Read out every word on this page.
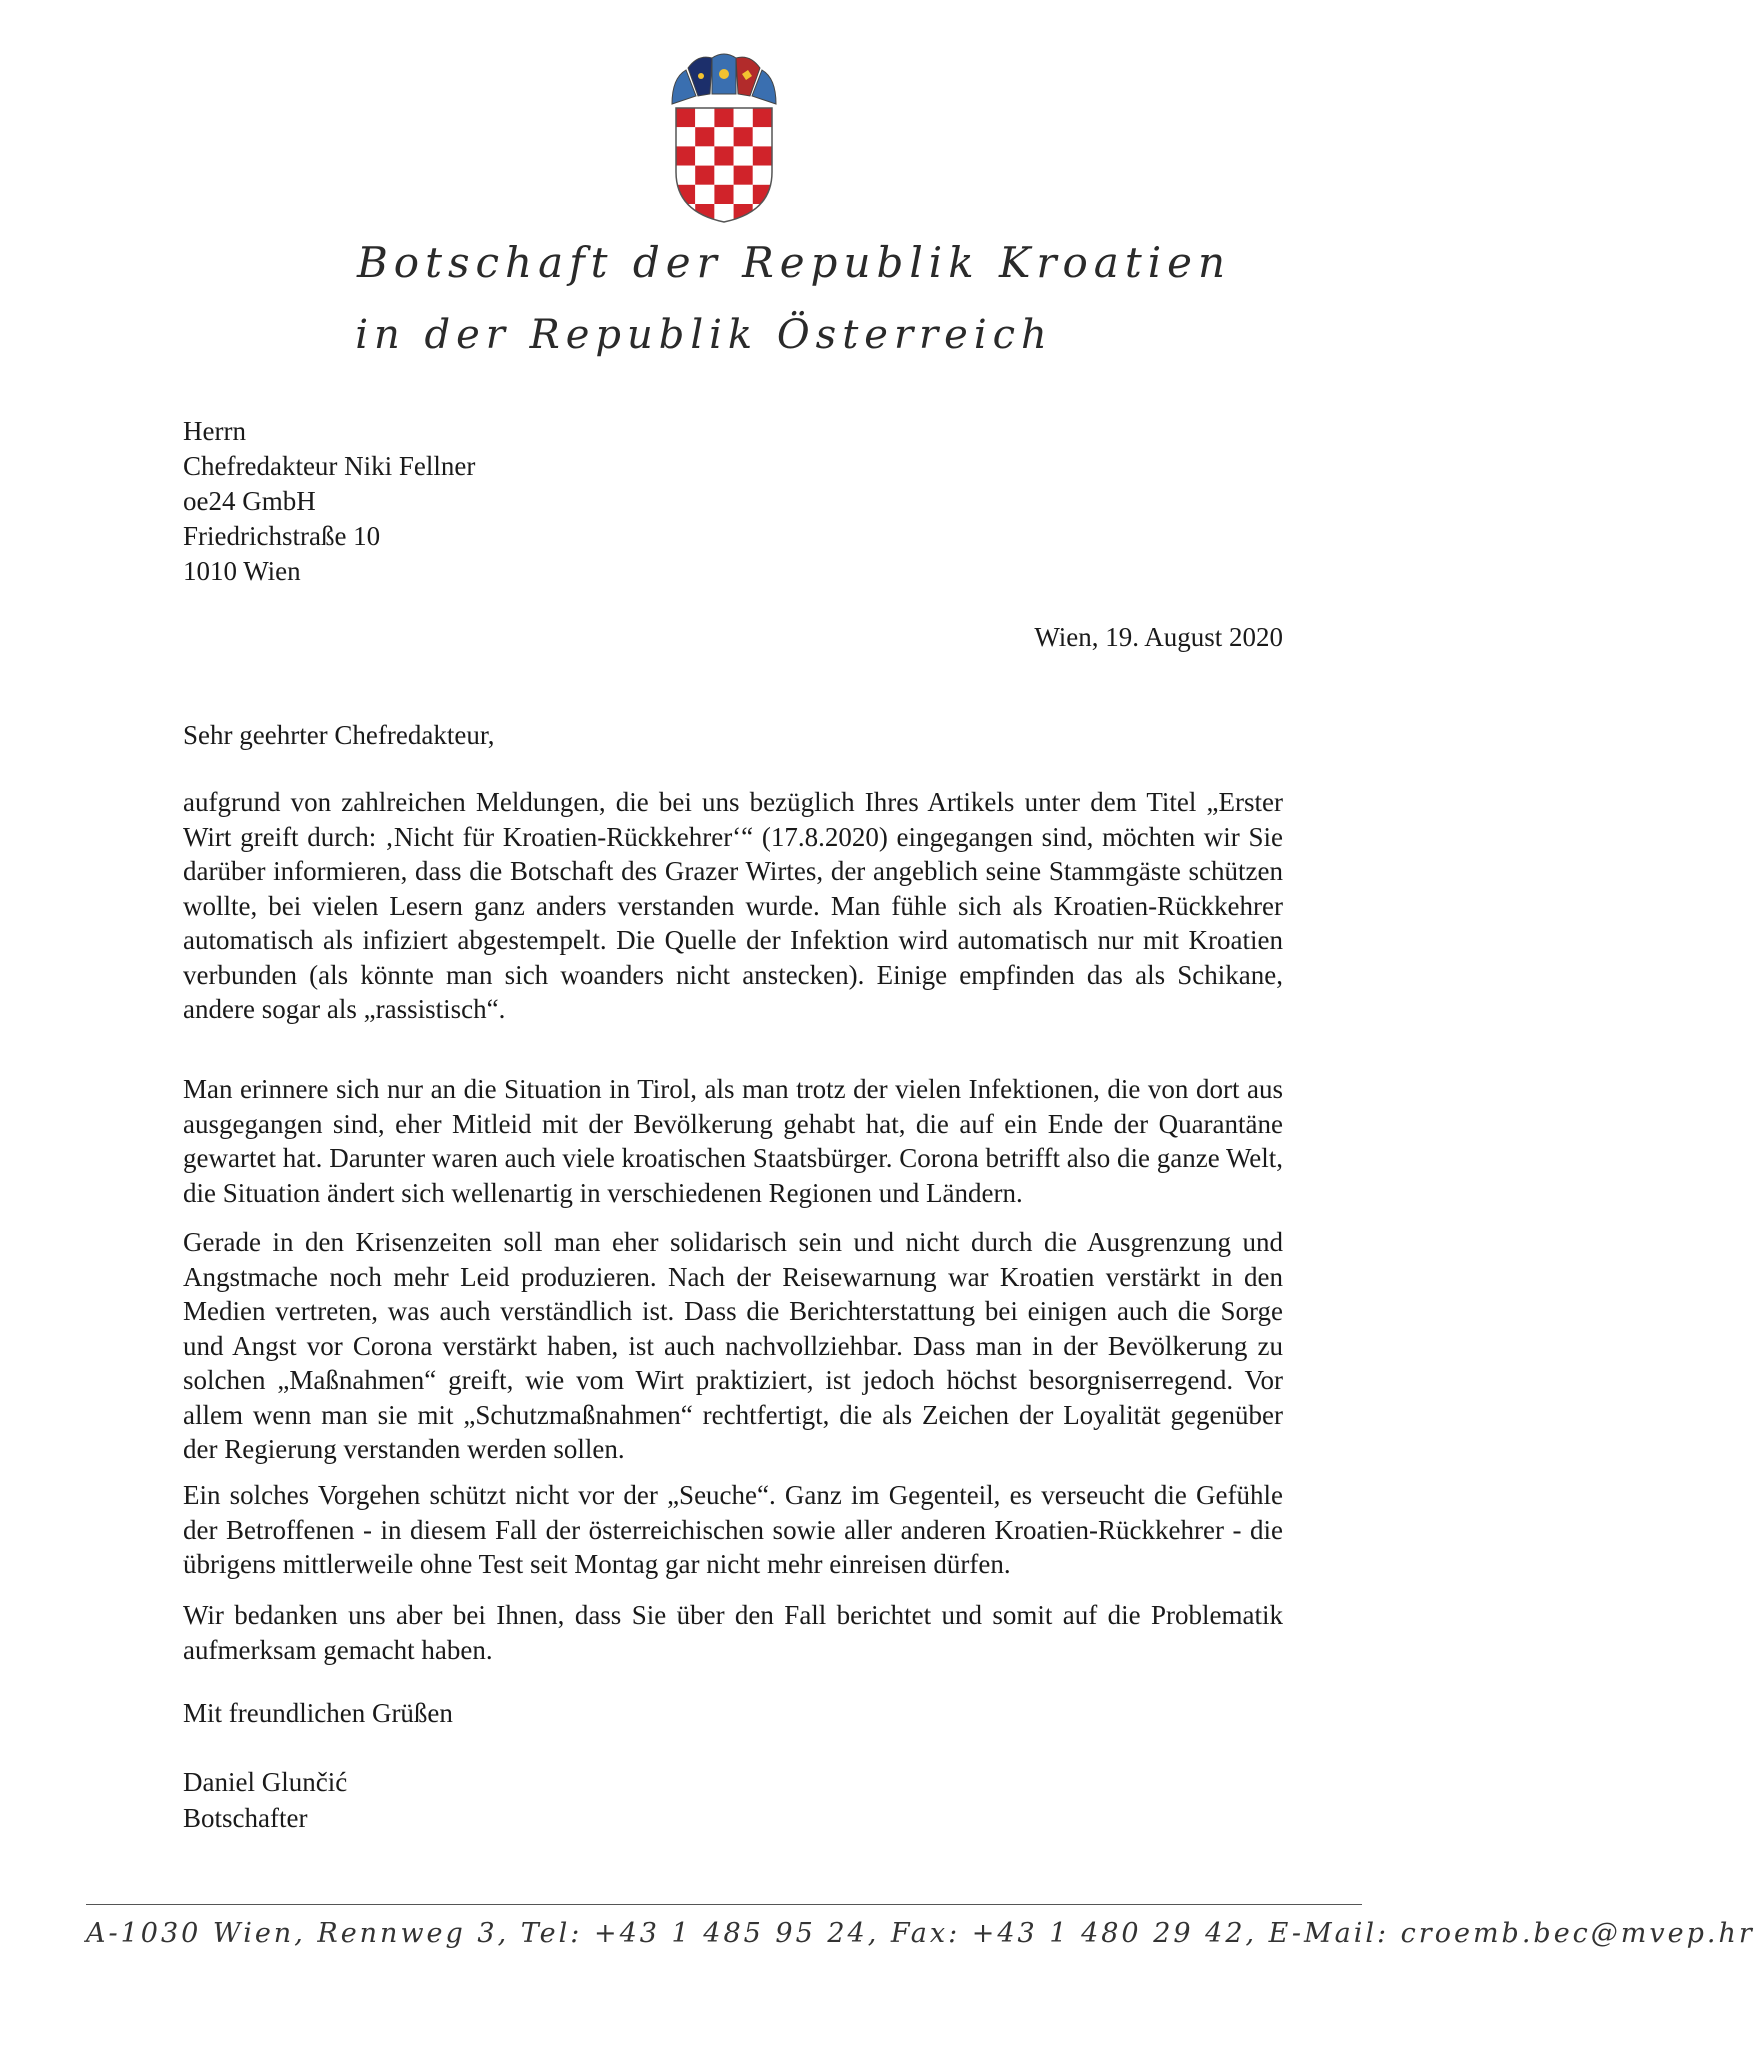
Botschaft der Republik Kroatien
in der Republik Österreich
Herrn
Chefredakteur Niki Fellner
oe24 GmbH
Friedrichstraße 10
1010 Wien
Wien, 19. August 2020
Sehr geehrter Chefredakteur,
aufgrund von zahlreichen Meldungen, die bei uns bezüglich Ihres Artikels unter dem Titel „Erster Wirt greift durch: ‚Nicht für Kroatien-Rückkehrer‘“ (17.8.2020) eingegangen sind, möchten wir Sie darüber informieren, dass die Botschaft des Grazer Wirtes, der angeblich seine Stammgäste schützen wollte, bei vielen Lesern ganz anders verstanden wurde. Man fühle sich als Kroatien-Rückkehrer automatisch als infiziert abgestempelt. Die Quelle der Infektion wird automatisch nur mit Kroatien verbunden (als könnte man sich woanders nicht anstecken). Einige empfinden das als Schikane, andere sogar als „rassistisch“.
Man erinnere sich nur an die Situation in Tirol, als man trotz der vielen Infektionen, die von dort aus ausgegangen sind, eher Mitleid mit der Bevölkerung gehabt hat, die auf ein Ende der Quarantäne gewartet hat. Darunter waren auch viele kroatischen Staatsbürger. Corona betrifft also die ganze Welt, die Situation ändert sich wellenartig in verschiedenen Regionen und Ländern.
Gerade in den Krisenzeiten soll man eher solidarisch sein und nicht durch die Ausgrenzung und Angstmache noch mehr Leid produzieren. Nach der Reisewarnung war Kroatien verstärkt in den Medien vertreten, was auch verständlich ist. Dass die Berichterstattung bei einigen auch die Sorge und Angst vor Corona verstärkt haben, ist auch nachvollziehbar. Dass man in der Bevölkerung zu solchen „Maßnahmen“ greift, wie vom Wirt praktiziert, ist jedoch höchst besorgniserregend. Vor allem wenn man sie mit „Schutzmaßnahmen“ rechtfertigt, die als Zeichen der Loyalität gegenüber der Regierung verstanden werden sollen.
Ein solches Vorgehen schützt nicht vor der „Seuche“. Ganz im Gegenteil, es verseucht die Gefühle der Betroffenen - in diesem Fall der österreichischen sowie aller anderen Kroatien-Rückkehrer - die übrigens mittlerweile ohne Test seit Montag gar nicht mehr einreisen dürfen.
Wir bedanken uns aber bei Ihnen, dass Sie über den Fall berichtet und somit auf die Problematik aufmerksam gemacht haben.
Mit freundlichen Grüßen
Daniel Glunčić
Botschafter
A-1030 Wien, Rennweg 3, Tel: +43 1 485 95 24, Fax: +43 1 480 29 42, E-Mail: croemb.bec@mvep.hr
